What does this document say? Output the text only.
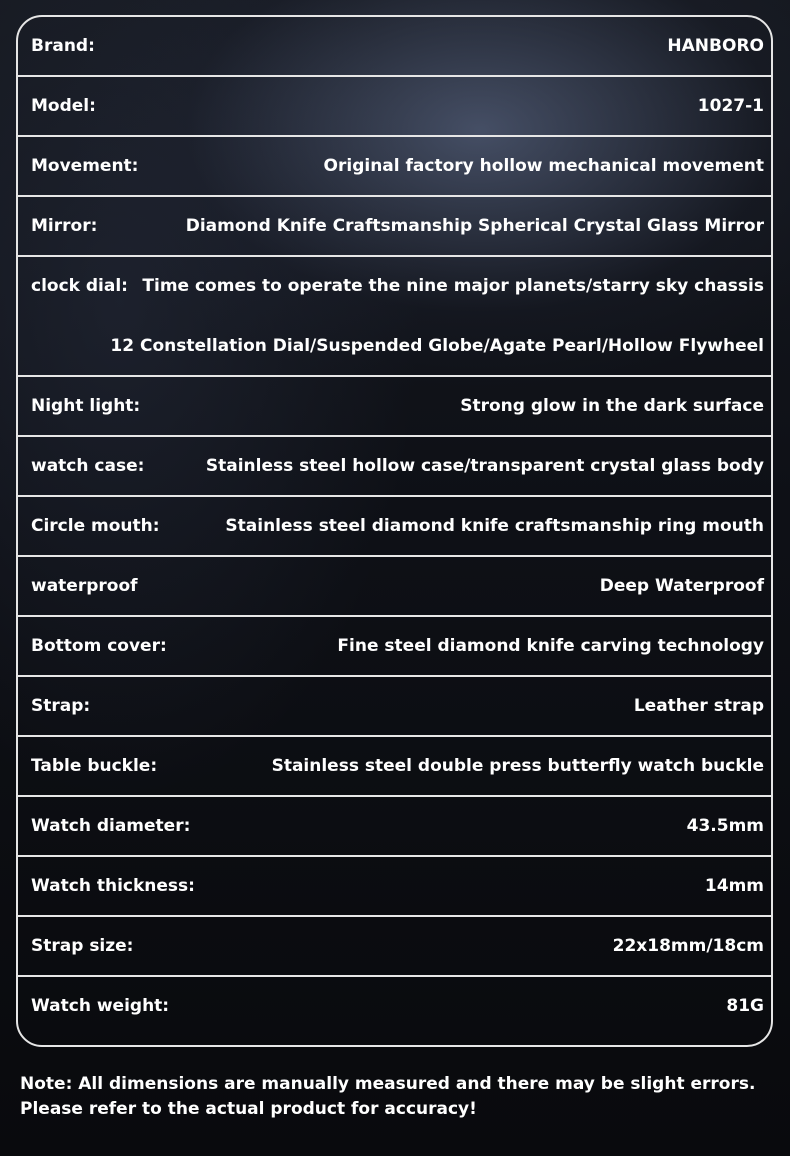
Brand:	HANBORO
Model:	1027-1
Movement:	Original factory hollow mechanical movement
Mirror:	Diamond Knife Craftsmanship Spherical Crystal Glass Mirror
clock dial: Time comes to operate the nine major planets/starry sky chassis
12 Constellation Dial/Suspended Globe/Agate Pearl/Hollow Flywheel
Night light:	Strong glow in the dark surface
watch case:	Stainless steel hollow case/transparent crystal glass body
Circle mouth:	Stainless steel diamond knife craftsmanship ring mouth
waterproof	Deep Waterproof
Bottom cover:	Fine steel diamond knife carving technology
Strap:	Leather strap
Table buckle:	Stainless steel double press butterfly watch buckle
Watch diameter:	43.5mm
Watch thickness:	14mm
Strap size:	22x18mm/18cm
Watch weight:	81G
Note: All dimensions are manually measured and there may be slight errors.
Please refer to the actual product for accuracy!
